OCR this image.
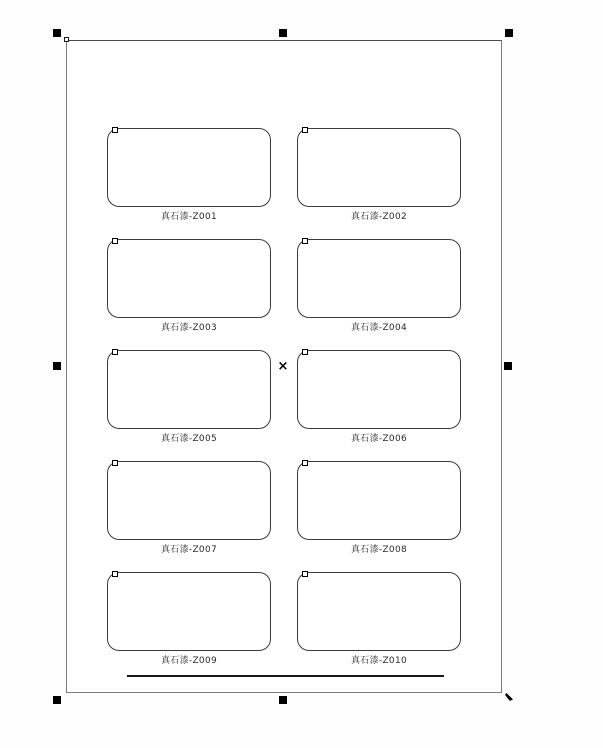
真石漆-Z001	真石漆-Z002
真石漆-Z003	真石漆-Z004
真石漆-Z005	真石漆-Z006
真石漆-Z007	真石漆-Z008
真石漆-Z009	真石漆-Z010
×
